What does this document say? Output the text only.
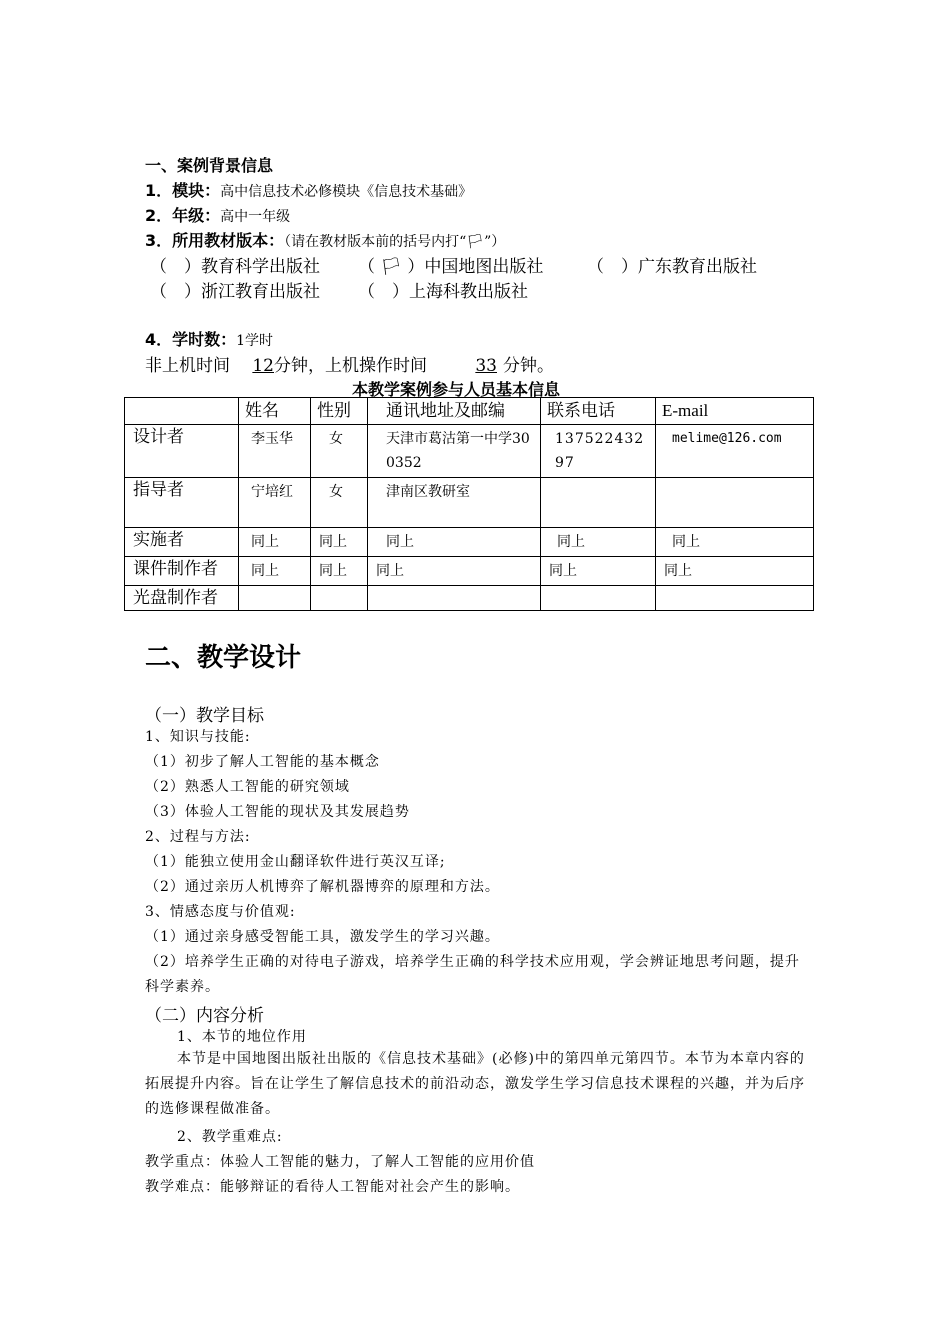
一、案例背景信息
1．模块：高中信息技术必修模块《信息技术基础》
2．年级：高中一年级
3．所用教材版本：（请在教材版本前的括号内打“🏳”）
（　）教育科学出版社 （ 🏳 ）中国地图出版社	（　）广东教育出版社
（　）浙江教育出版社 （　）上海科教出版社
4．学时数：1学时
非上机时间 12分钟，上机操作时间	33 分钟。
本教学案例参与人员基本信息
	姓名	性别	通讯地址及邮编	联系电话	E-mail
设计者	李玉华	女	天津市葛沽第一中学300352	13752243297	melime@126.com
指导者	宁培红	女	津南区教研室		
实施者	同上	同上	同上	同上	同上
课件制作者	同上	同上	同上	同上	同上
光盘制作者					
二、教学设计
（一）教学目标
1、知识与技能:
（1）初步了解人工智能的基本概念
（2）熟悉人工智能的研究领域
（3）体验人工智能的现状及其发展趋势
2、过程与方法:
（1）能独立使用金山翻译软件进行英汉互译;
（2）通过亲历人机博弈了解机器博弈的原理和方法。
3、情感态度与价值观:
（1）通过亲身感受智能工具，激发学生的学习兴趣。
（2）培养学生正确的对待电子游戏，培养学生正确的科学技术应用观，学会辨证地思考问题，提升科学素养。
（二）内容分析
1、本节的地位作用
本节是中国地图出版社出版的《信息技术基础》(必修)中的第四单元第四节。本节为本章内容的拓展提升内容。旨在让学生了解信息技术的前沿动态，激发学生学习信息技术课程的兴趣，并为后序的选修课程做准备。
2、教学重难点:
教学重点：体验人工智能的魅力，了解人工智能的应用价值
教学难点：能够辩证的看待人工智能对社会产生的影响。
